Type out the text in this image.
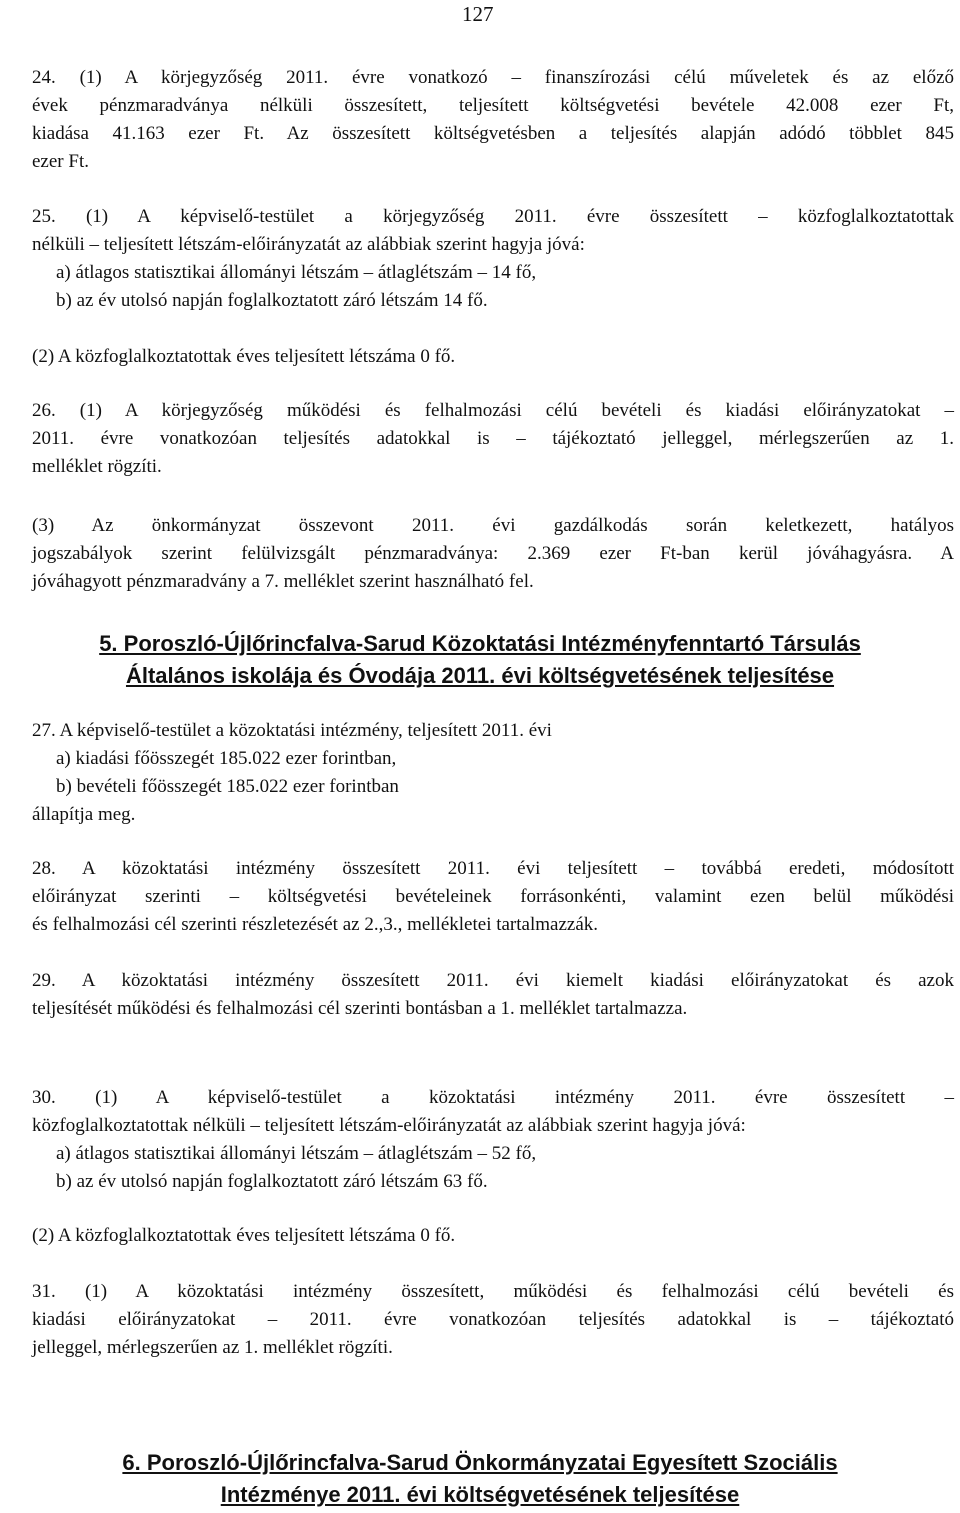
127
24. (1) A körjegyzőség 2011. évre vonatkozó – finanszírozási célú műveletek és az előző
évek pénzmaradványa nélküli összesített, teljesített költségvetési bevétele 42.008 ezer Ft,
kiadása 41.163 ezer Ft. Az összesített költségvetésben a teljesítés alapján adódó többlet 845
ezer Ft.
25. (1) A képviselő-testület a körjegyzőség 2011. évre összesített – közfoglalkoztatottak
nélküli – teljesített létszám-előirányzatát az alábbiak szerint hagyja jóvá:
a) átlagos statisztikai állományi létszám – átlaglétszám – 14 fő,
b) az év utolsó napján foglalkoztatott záró létszám 14 fő.
(2) A közfoglalkoztatottak éves teljesített létszáma 0 fő.
26. (1) A körjegyzőség működési és felhalmozási célú bevételi és kiadási előirányzatokat –
2011. évre vonatkozóan teljesítés adatokkal is – tájékoztató jelleggel, mérlegszerűen az 1.
melléklet rögzíti.
(3) Az önkormányzat összevont 2011. évi gazdálkodás során keletkezett, hatályos
jogszabályok szerint felülvizsgált pénzmaradványa: 2.369 ezer Ft-ban kerül jóváhagyásra. A
jóváhagyott pénzmaradvány a 7. melléklet szerint használható fel.
5. Poroszló-Újlőrincfalva-Sarud Közoktatási Intézményfenntartó Társulás
Általános iskolája és Óvodája 2011. évi költségvetésének teljesítése
27. A képviselő-testület a közoktatási intézmény, teljesített 2011. évi
a) kiadási főösszegét 185.022 ezer forintban,
b) bevételi főösszegét 185.022 ezer forintban
állapítja meg.
28. A közoktatási intézmény összesített 2011. évi teljesített – továbbá eredeti, módosított
előirányzat szerinti – költségvetési bevételeinek forrásonkénti, valamint ezen belül működési
és felhalmozási cél szerinti részletezését az 2.,3., mellékletei tartalmazzák.
29. A közoktatási intézmény összesített 2011. évi kiemelt kiadási előirányzatokat és azok
teljesítését működési és felhalmozási cél szerinti bontásban a 1. melléklet tartalmazza.
30. (1) A képviselő-testület a közoktatási intézmény 2011. évre összesített –
közfoglalkoztatottak nélküli – teljesített létszám-előirányzatát az alábbiak szerint hagyja jóvá:
a) átlagos statisztikai állományi létszám – átlaglétszám – 52 fő,
b) az év utolsó napján foglalkoztatott záró létszám 63 fő.
(2) A közfoglalkoztatottak éves teljesített létszáma 0 fő.
31. (1) A közoktatási intézmény összesített, működési és felhalmozási célú bevételi és
kiadási előirányzatokat – 2011. évre vonatkozóan teljesítés adatokkal is – tájékoztató
jelleggel, mérlegszerűen az 1. melléklet rögzíti.
6. Poroszló-Újlőrincfalva-Sarud Önkormányzatai Egyesített Szociális
Intézménye 2011. évi költségvetésének teljesítése
